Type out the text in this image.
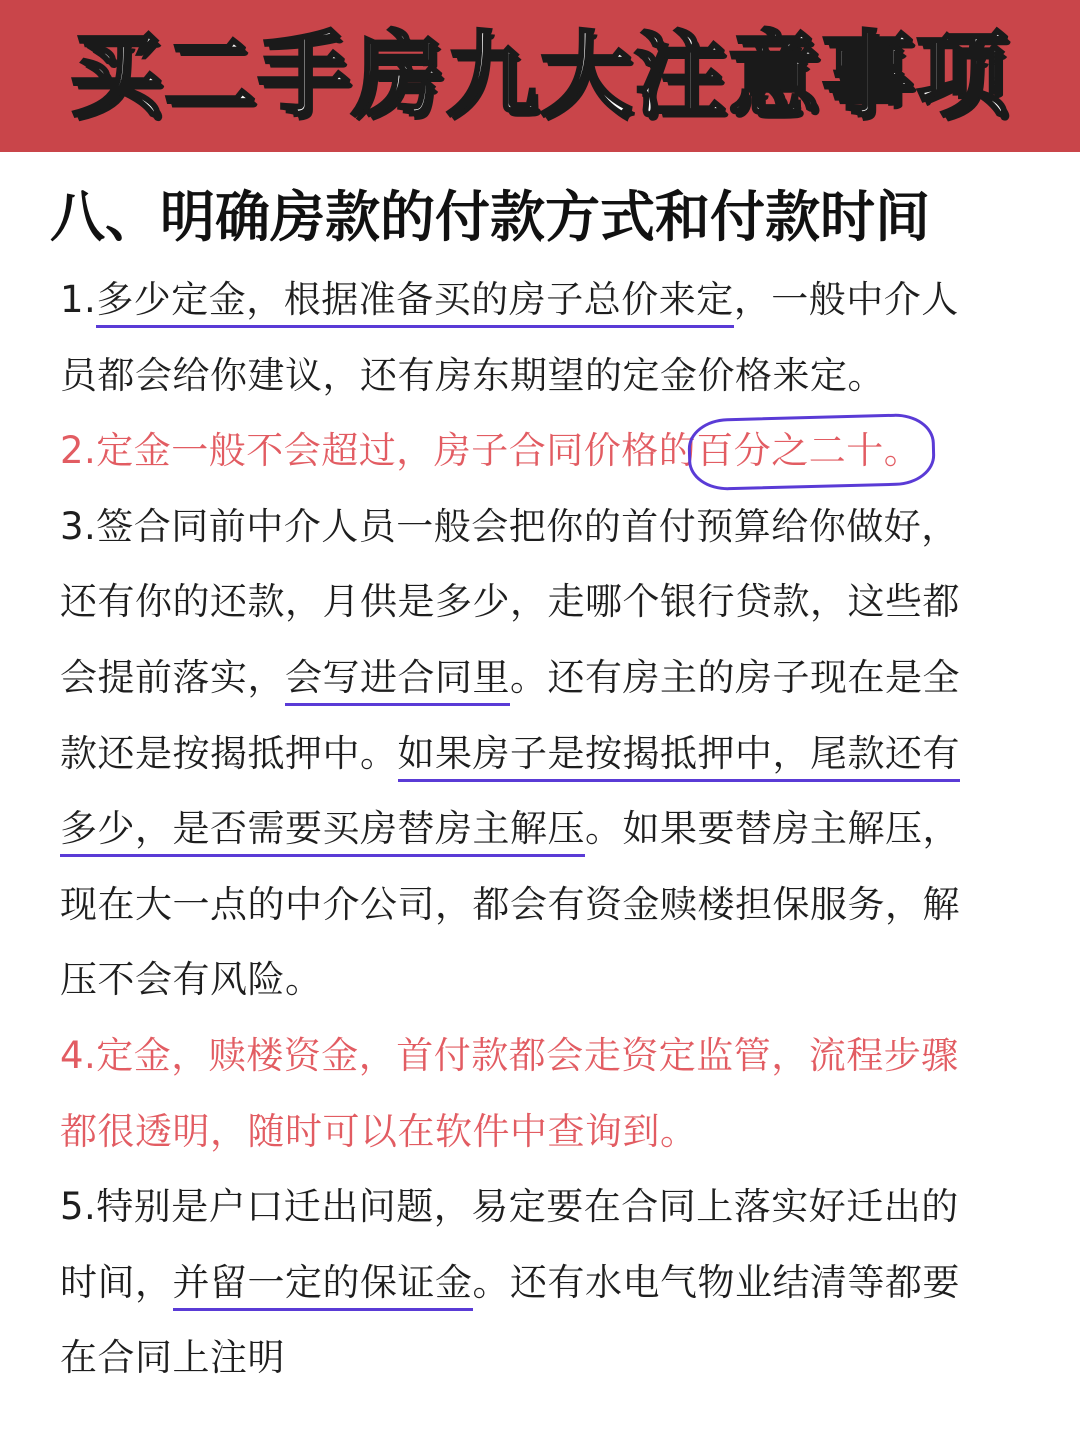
买二手房九大注意事项
八、明确房款的付款方式和付款时间
1.多少定金，根据准备买的房子总价来定，一般中介人
员都会给你建议，还有房东期望的定金价格来定。
2.定金一般不会超过，房子合同价格的百分之二十。
3.签合同前中介人员一般会把你的首付预算给你做好，
还有你的还款，月供是多少，走哪个银行贷款，这些都
会提前落实，会写进合同里。还有房主的房子现在是全
款还是按揭抵押中。如果房子是按揭抵押中，尾款还有
多少，是否需要买房替房主解压。如果要替房主解压，
现在大一点的中介公司，都会有资金赎楼担保服务，解
压不会有风险。
4.定金，赎楼资金，首付款都会走资定监管，流程步骤
都很透明，随时可以在软件中查询到。
5.特别是户口迁出问题，易定要在合同上落实好迁出的
时间，并留一定的保证金。还有水电气物业结清等都要
在合同上注明
